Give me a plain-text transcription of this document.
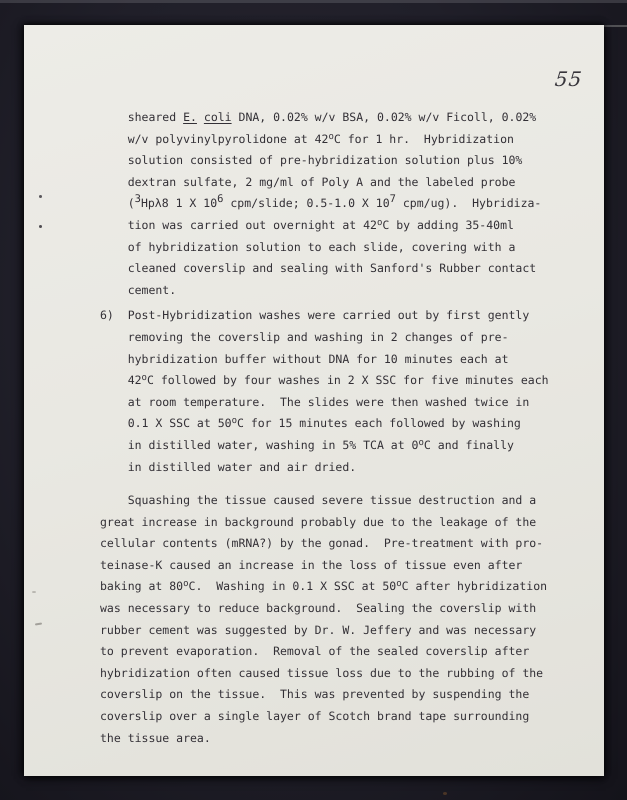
55
sheared E. coli DNA, 0.02% w/v BSA, 0.02% w/v Ficoll, 0.02%
w/v polyvinylpyrolidone at 42$^o$C for 1 hr.  Hybridization
solution consisted of pre-hybridization solution plus 10%
dextran sulfate, 2 mg/ml of Poly A and the labeled probe
(3Hpλ8 1 X 106 cpm/slide; 0.5-1.0 X 107 cpm/ug).  Hybridiza-
tion was carried out overnight at 42$^o$C by adding 35-40ml
of hybridization solution to each slide, covering with a
cleaned coverslip and sealing with Sanford's Rubber contact
cement.
6)  Post-Hybridization washes were carried out by first gently
removing the coverslip and washing in 2 changes of pre-
hybridization buffer without DNA for 10 minutes each at
42$^o$C followed by four washes in 2 X SSC for five minutes each
at room temperature.  The slides were then washed twice in
0.1 X SSC at 50$^o$C for 15 minutes each followed by washing
in distilled water, washing in 5% TCA at 0$^o$C and finally
in distilled water and air dried.
Squashing the tissue caused severe tissue destruction and a
great increase in background probably due to the leakage of the
cellular contents (mRNA?) by the gonad.  Pre-treatment with pro-
teinase-K caused an increase in the loss of tissue even after
baking at 80$^o$C.  Washing in 0.1 X SSC at 50$^o$C after hybridization
was necessary to reduce background.  Sealing the coverslip with
rubber cement was suggested by Dr. W. Jeffery and was necessary
to prevent evaporation.  Removal of the sealed coverslip after
hybridization often caused tissue loss due to the rubbing of the
coverslip on the tissue.  This was prevented by suspending the
coverslip over a single layer of Scotch brand tape surrounding
the tissue area.
